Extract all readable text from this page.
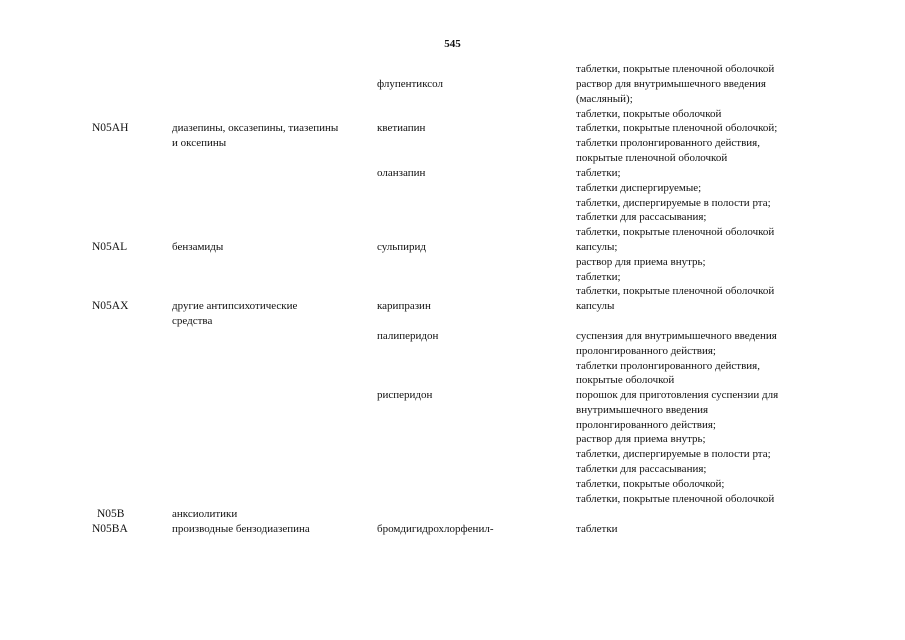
545
таблетки, покрытые пленочной оболочкой
флупентиксол	раствор для внутримышечного введения
(масляный);
таблетки, покрытые оболочкой
N05AH	диазепины, оксазепины, тиазепины
и оксепины
кветиапин	таблетки, покрытые пленочной оболочкой;
таблетки пролонгированного действия,
покрытые пленочной оболочкой
оланзапин	таблетки;
таблетки диспергируемые;
таблетки, диспергируемые в полости рта;
таблетки для рассасывания;
таблетки, покрытые пленочной оболочкой
N05AL	бензамиды	сульпирид	капсулы;
раствор для приема внутрь;
таблетки;
таблетки, покрытые пленочной оболочкой
N05AX	другие антипсихотические
средства
карипразин	капсулы
палиперидон	суспензия для внутримышечного введения
пролонгированного действия;
таблетки пролонгированного действия,
покрытые оболочкой
рисперидон	порошок для приготовления суспензии для
внутримышечного введения
пролонгированного действия;
раствор для приема внутрь;
таблетки, диспергируемые в полости рта;
таблетки для рассасывания;
таблетки, покрытые оболочкой;
таблетки, покрытые пленочной оболочкой
N05B	анксиолитики
N05BA	производные бензодиазепина	бромдигидрохлорфенил-	таблетки
